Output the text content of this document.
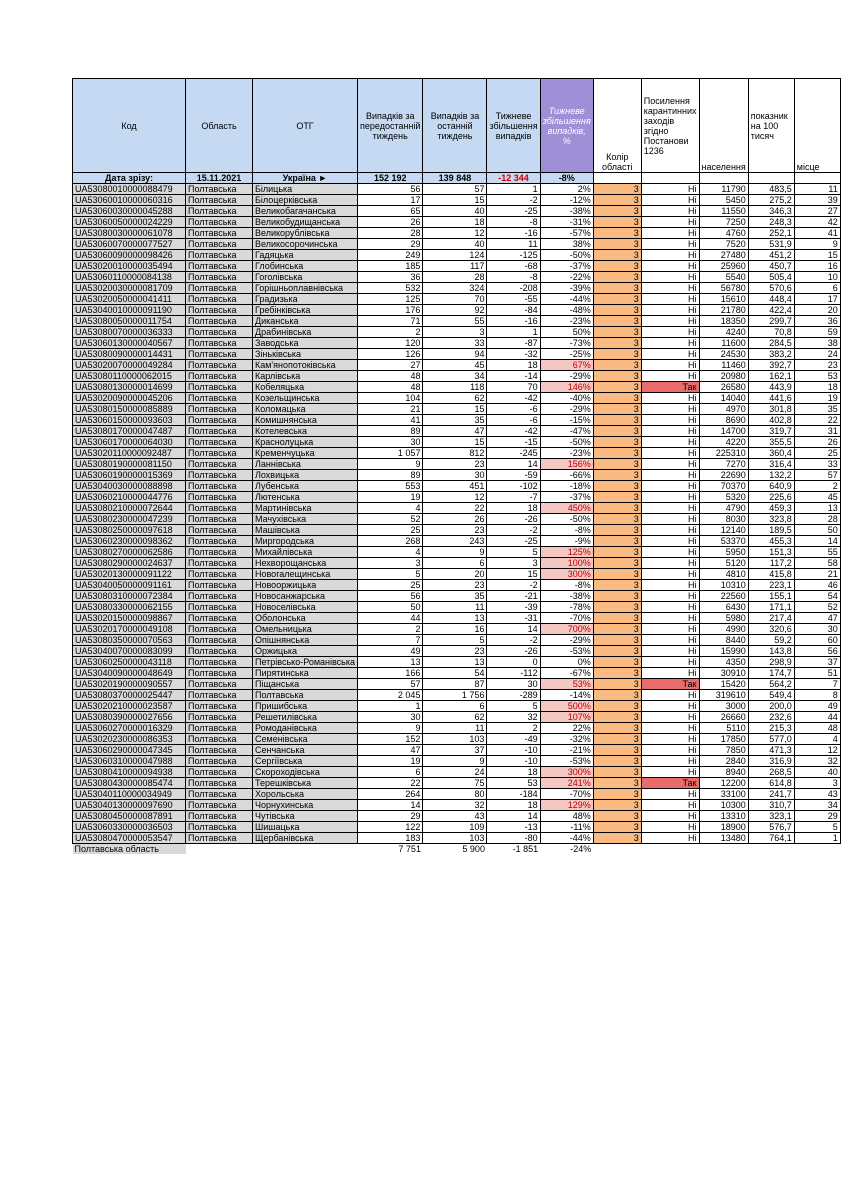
Код	Область	ОТГ	Випадків за передостанній тиждень	Випадків за останній тиждень	Тижневе збільшення випадків	Тижневе збільшення випадків, %	Колір області	Посилення карантинних заходів згідно Постанови 1236	населення	показник на 100 тисяч	місце
Дата зрізу:	15.11.2021	Україна ►	152 192	139 848	-12 344	-8%					
UA53080010000088479	Полтавська	Білицька	56	57	1	2%	3	Ні	11790	483,5	11
UA53060010000060316	Полтавська	Білоцерківська	17	15	-2	-12%	3	Ні	5450	275,2	39
UA53060030000045288	Полтавська	Великобагачанська	65	40	-25	-38%	3	Ні	11550	346,3	27
UA53060050000024229	Полтавська	Великобудищанська	26	18	-8	-31%	3	Ні	7250	248,3	42
UA53080030000061078	Полтавська	Великорублівська	28	12	-16	-57%	3	Ні	4760	252,1	41
UA53060070000077527	Полтавська	Великосорочинська	29	40	11	38%	3	Ні	7520	531,9	9
UA53060090000098426	Полтавська	Гадяцька	249	124	-125	-50%	3	Ні	27480	451,2	15
UA53020010000035494	Полтавська	Глобинська	185	117	-68	-37%	3	Ні	25960	450,7	16
UA53060110000084138	Полтавська	Гоголівська	36	28	-8	-22%	3	Ні	5540	505,4	10
UA53020030000081709	Полтавська	Горішньоплавнівська	532	324	-208	-39%	3	Ні	56780	570,6	6
UA53020050000041411	Полтавська	Градизька	125	70	-55	-44%	3	Ні	15610	448,4	17
UA53040010000091190	Полтавська	Гребінківська	176	92	-84	-48%	3	Ні	21780	422,4	20
UA53080050000011754	Полтавська	Диканська	71	55	-16	-23%	3	Ні	18350	299,7	36
UA53080070000036333	Полтавська	Драбинівська	2	3	1	50%	3	Ні	4240	70,8	59
UA53060130000040567	Полтавська	Заводська	120	33	-87	-73%	3	Ні	11600	284,5	38
UA53080090000014431	Полтавська	Зіньківська	126	94	-32	-25%	3	Ні	24530	383,2	24
UA53020070000049284	Полтавська	Кам'янопотоківська	27	45	18	67%	3	Ні	11460	392,7	23
UA53080110000062015	Полтавська	Карлівська	48	34	-14	-29%	3	Ні	20980	162,1	53
UA53080130000014699	Полтавська	Кобеляцька	48	118	70	146%	3	Так	26580	443,9	18
UA53020090000045206	Полтавська	Козельщинська	104	62	-42	-40%	3	Ні	14040	441,6	19
UA53080150000085889	Полтавська	Коломацька	21	15	-6	-29%	3	Ні	4970	301,8	35
UA53060150000093603	Полтавська	Комишнянська	41	35	-6	-15%	3	Ні	8690	402,8	22
UA53080170000047487	Полтавська	Котелевська	89	47	-42	-47%	3	Ні	14700	319,7	31
UA53060170000064030	Полтавська	Краснолуцька	30	15	-15	-50%	3	Ні	4220	355,5	26
UA53020110000092487	Полтавська	Кременчуцька	1 057	812	-245	-23%	3	Ні	225310	360,4	25
UA53080190000081150	Полтавська	Ланнівська	9	23	14	156%	3	Ні	7270	316,4	33
UA53060190000015369	Полтавська	Лохвицька	89	30	-59	-66%	3	Ні	22690	132,2	57
UA53040030000088898	Полтавська	Лубенська	553	451	-102	-18%	3	Ні	70370	640,9	2
UA53060210000044776	Полтавська	Лютенська	19	12	-7	-37%	3	Ні	5320	225,6	45
UA53080210000072644	Полтавська	Мартинівська	4	22	18	450%	3	Ні	4790	459,3	13
UA53080230000047239	Полтавська	Мачухівська	52	26	-26	-50%	3	Ні	8030	323,8	28
UA53080250000097618	Полтавська	Машівська	25	23	-2	-8%	3	Ні	12140	189,5	50
UA53060230000098362	Полтавська	Миргородська	268	243	-25	-9%	3	Ні	53370	455,3	14
UA53080270000062586	Полтавська	Михайлівська	4	9	5	125%	3	Ні	5950	151,3	55
UA53080290000024637	Полтавська	Нехворощанська	3	6	3	100%	3	Ні	5120	117,2	58
UA53020130000091122	Полтавська	Новогалещинська	5	20	15	300%	3	Ні	4810	415,8	21
UA53040050000091161	Полтавська	Новооржицька	25	23	-2	-8%	3	Ні	10310	223,1	46
UA53080310000072384	Полтавська	Новосанжарська	56	35	-21	-38%	3	Ні	22560	155,1	54
UA53080330000062155	Полтавська	Новоселівська	50	11	-39	-78%	3	Ні	6430	171,1	52
UA53020150000098867	Полтавська	Оболонська	44	13	-31	-70%	3	Ні	5980	217,4	47
UA53020170000049108	Полтавська	Омельницька	2	16	14	700%	3	Ні	4990	320,6	30
UA53080350000070563	Полтавська	Опішнянська	7	5	-2	-29%	3	Ні	8440	59,2	60
UA53040070000083099	Полтавська	Оржицька	49	23	-26	-53%	3	Ні	15990	143,8	56
UA53060250000043118	Полтавська	Петрівсько-Романівська	13	13	0	0%	3	Ні	4350	298,9	37
UA53040090000048649	Полтавська	Пирятинська	166	54	-112	-67%	3	Ні	30910	174,7	51
UA53020190000090557	Полтавська	Піщанська	57	87	30	53%	3	Так	15420	564,2	7
UA53080370000025447	Полтавська	Полтавська	2 045	1 756	-289	-14%	3	Ні	319610	549,4	8
UA53020210000023587	Полтавська	Пришибська	1	6	5	500%	3	Ні	3000	200,0	49
UA53080390000027656	Полтавська	Решетилівська	30	62	32	107%	3	Ні	26660	232,6	44
UA53060270000016329	Полтавська	Ромоданівська	9	11	2	22%	3	Ні	5110	215,3	48
UA53020230000086353	Полтавська	Семенівська	152	103	-49	-32%	3	Ні	17850	577,0	4
UA53060290000047345	Полтавська	Сенчанська	47	37	-10	-21%	3	Ні	7850	471,3	12
UA53060310000047988	Полтавська	Сергіївська	19	9	-10	-53%	3	Ні	2840	316,9	32
UA53080410000094938	Полтавська	Скороходівська	6	24	18	300%	3	Ні	8940	268,5	40
UA53080430000085474	Полтавська	Терешківська	22	75	53	241%	3	Так	12200	614,8	3
UA53040110000034949	Полтавська	Хорольська	264	80	-184	-70%	3	Ні	33100	241,7	43
UA53040130000097690	Полтавська	Чорнухинська	14	32	18	129%	3	Ні	10300	310,7	34
UA53080450000087891	Полтавська	Чутівська	29	43	14	48%	3	Ні	13310	323,1	29
UA53060330000036503	Полтавська	Шишацька	122	109	-13	-11%	3	Ні	18900	576,7	5
UA53080470000053547	Полтавська	Щербанівська	183	103	-80	-44%	3	Ні	13480	764,1	1
Полтавська область			7 751	5 900	-1 851	-24%					
